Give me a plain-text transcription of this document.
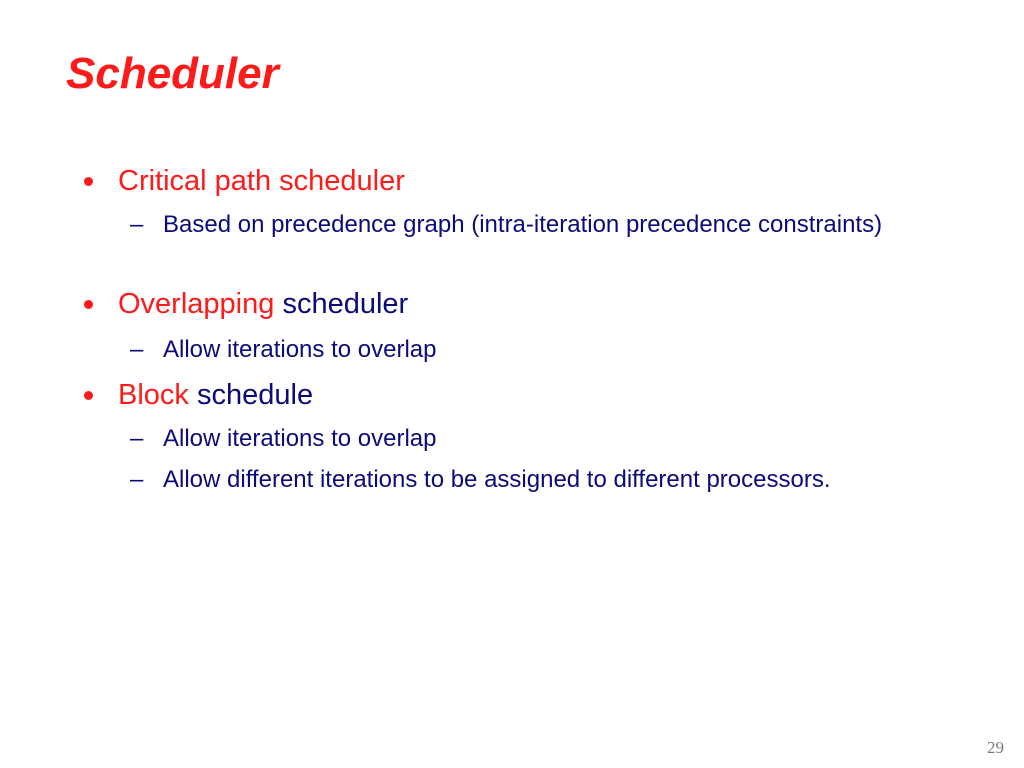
Scheduler
Critical path scheduler
– Based on precedence graph (intra-iteration precedence constraints)
Overlapping scheduler
– Allow iterations to overlap
Block schedule
– Allow iterations to overlap
– Allow different iterations to be assigned to different processors.
29
